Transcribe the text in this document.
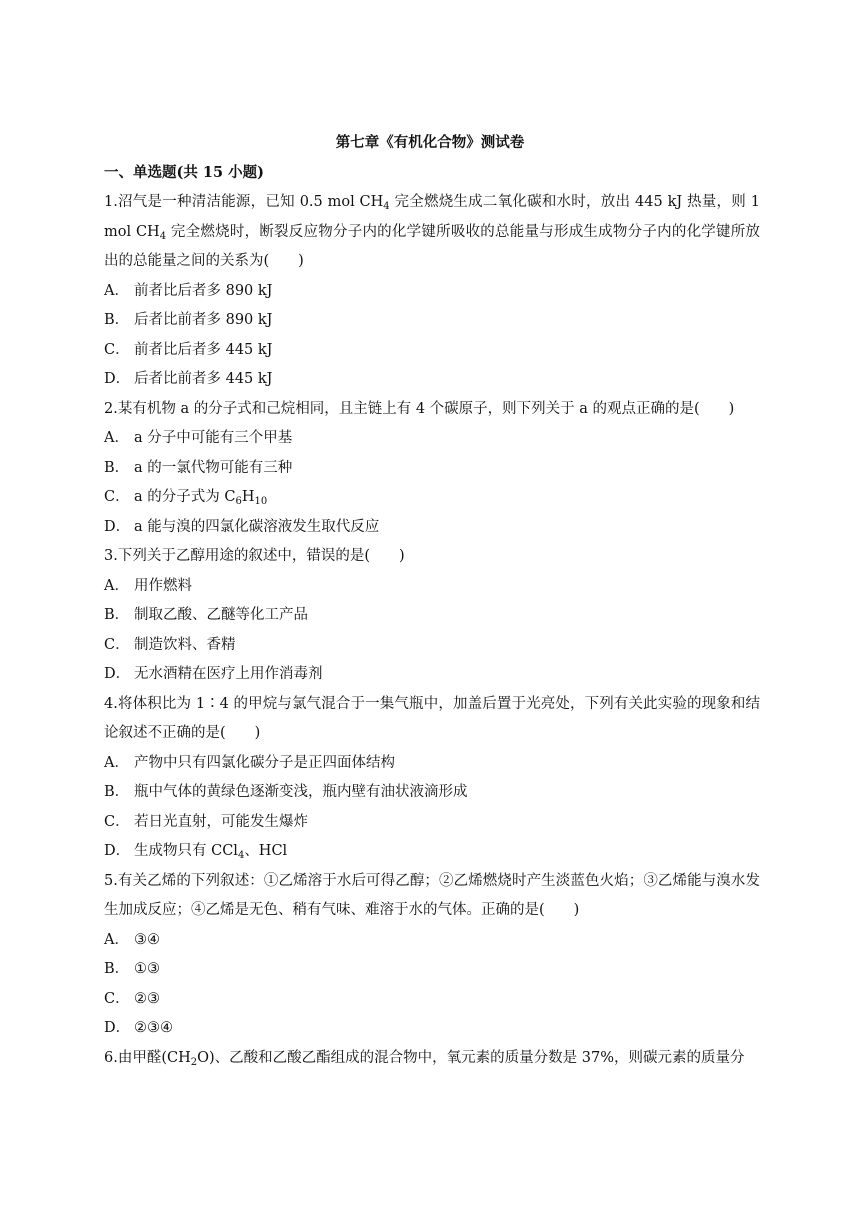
第七章《有机化合物》测试卷
一、单选题(共 15 小题)

1.沼气是一种清洁能源，已知 0.5 mol $CH_4$ 完全燃烧生成二氧化碳和水时，放出 445 kJ 热量，则 1 mol $CH_4$ 完全燃烧时，断裂反应物分子内的化学键所吸收的总能量与形成生成物分子内的化学键所放出的总能量之间的关系为(　　)

A． 前者比后者多 890 kJ

B． 后者比前者多 890 kJ

C． 前者比后者多 445 kJ

D． 后者比前者多 445 kJ

2.某有机物 a 的分子式和己烷相同，且主链上有 4 个碳原子，则下列关于 a 的观点正确的是(　　)

A． a 分子中可能有三个甲基

B． a 的一氯代物可能有三种

C． a 的分子式为 $C_6H_{10}$

D． a 能与溴的四氯化碳溶液发生取代反应

3.下列关于乙醇用途的叙述中，错误的是(　　)

A． 用作燃料

B． 制取乙酸、乙醚等化工产品

C． 制造饮料、香精

D． 无水酒精在医疗上用作消毒剂

4.将体积比为 1∶4 的甲烷与氯气混合于一集气瓶中，加盖后置于光亮处，下列有关此实验的现象和结论叙述不正确的是(　　)

A． 产物中只有四氯化碳分子是正四面体结构

B． 瓶中气体的黄绿色逐渐变浅，瓶内壁有油状液滴形成

C． 若日光直射，可能发生爆炸

D． 生成物只有 CCl$_4$、HCl

5.有关乙烯的下列叙述：①乙烯溶于水后可得乙醇；②乙烯燃烧时产生淡蓝色火焰；③乙烯能与溴水发生加成反应；④乙烯是无色、稍有气味、难溶于水的气体。正确的是(　　)

A． ③④

B． ①③

C． ②③

D． ②③④

6.由甲醛$(CH_2O)$、乙酸和乙酸乙酯组成的混合物中，氧元素的质量分数是 37%，则碳元素的质量分
